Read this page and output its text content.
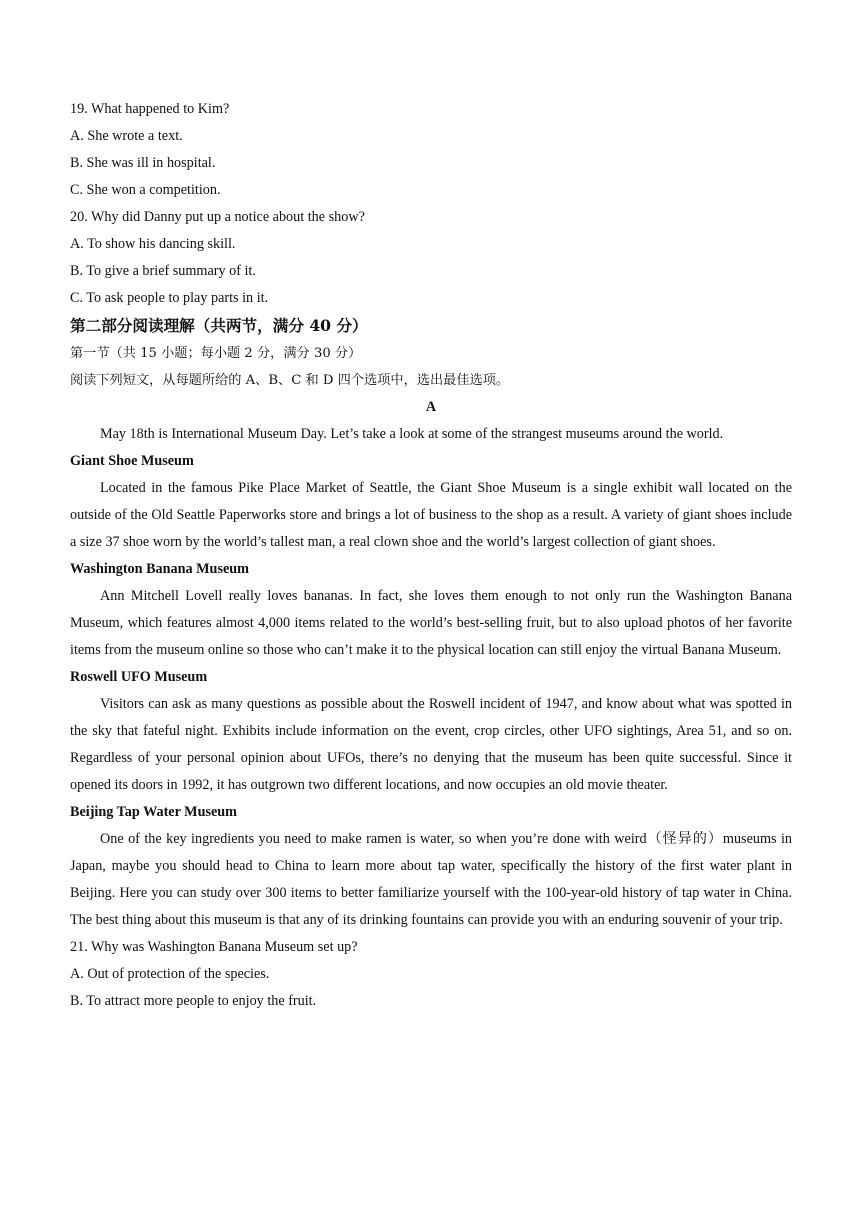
19. What happened to Kim?

A. She wrote a text.

B. She was ill in hospital.

C. She won a competition.

20. Why did Danny put up a notice about the show?

A. To show his dancing skill.

B. To give a brief summary of it.

C. To ask people to play parts in it.

第二部分阅读理解（共两节，满分 40 分）

第一节（共 15 小题；每小题 2 分，满分 30 分）

阅读下列短文，从每题所给的 A、B、C 和 D 四个选项中，选出最佳选项。

A

May 18th is International Museum Day. Let’s take a look at some of the strangest museums around the world.

Giant Shoe Museum

Located in the famous Pike Place Market of Seattle, the Giant Shoe Museum is a single exhibit wall located on the outside of the Old Seattle Paperworks store and brings a lot of business to the shop as a result. A variety of giant shoes include a size 37 shoe worn by the world’s tallest man, a real clown shoe and the world’s largest collection of giant shoes.

Washington Banana Museum

Ann Mitchell Lovell really loves bananas. In fact, she loves them enough to not only run the Washington Banana Museum, which features almost 4,000 items related to the world’s best-selling fruit, but to also upload photos of her favorite items from the museum online so those who can’t make it to the physical location can still enjoy the virtual Banana Museum.

Roswell UFO Museum

Visitors can ask as many questions as possible about the Roswell incident of 1947, and know about what was spotted in the sky that fateful night. Exhibits include information on the event, crop circles, other UFO sightings, Area 51, and so on. Regardless of your personal opinion about UFOs, there’s no denying that the museum has been quite successful. Since it opened its doors in 1992, it has outgrown two different locations, and now occupies an old movie theater.

Beijing Tap Water Museum

One of the key ingredients you need to make ramen is water, so when you’re done with weird（怪异的）museums in Japan, maybe you should head to China to learn more about tap water, specifically the history of the first water plant in Beijing. Here you can study over 300 items to better familiarize yourself with the 100-year-old history of tap water in China. The best thing about this museum is that any of its drinking fountains can provide you with an enduring souvenir of your trip.

21. Why was Washington Banana Museum set up?

A. Out of protection of the species.

B. To attract more people to enjoy the fruit.
